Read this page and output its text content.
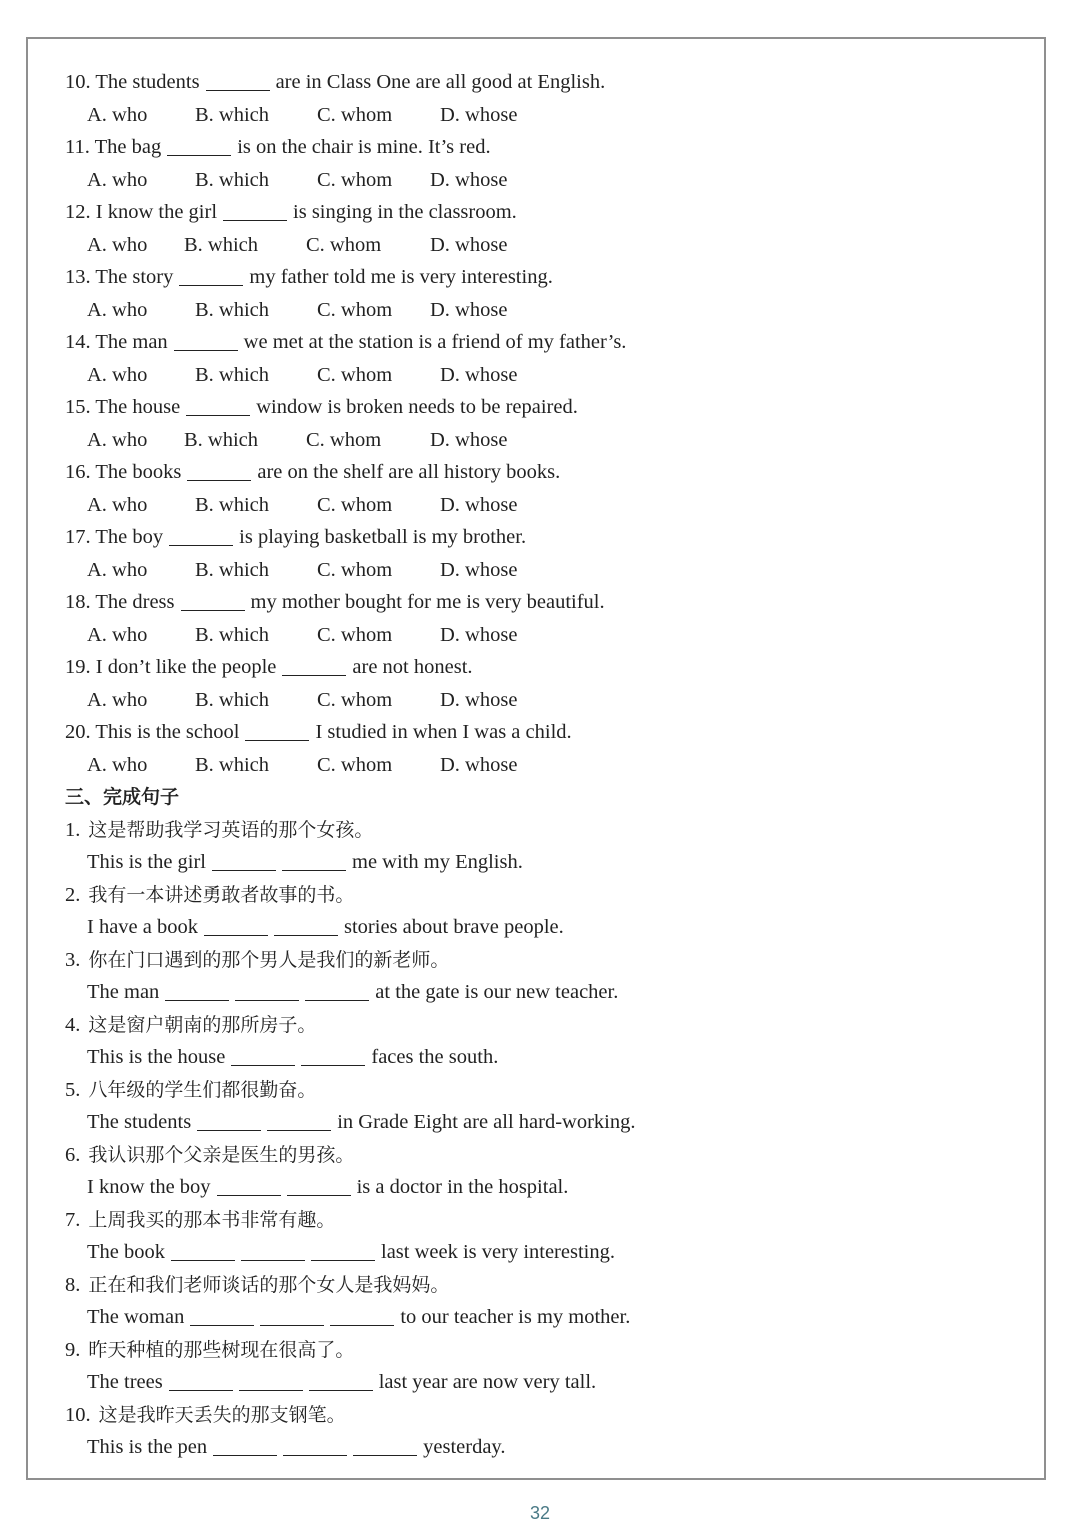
10. The students	are in Class One are all good at English.
A. who B. which C. whom D. whose
11. The bag	is on the chair is mine. It’s red.
A. who B. which C. whom D. whose
12. I know the girl	is singing in the classroom.
A. who B. which C. whom D. whose
13. The story	my father told me is very interesting.
A. who B. which C. whom D. whose
14. The man	we met at the station is a friend of my father’s.
A. who B. which C. whom D. whose
15. The house	window is broken needs to be repaired.
A. who B. which C. whom D. whose
16. The books	are on the shelf are all history books.
A. who B. which C. whom D. whose
17. The boy	is playing basketball is my brother.
A. who B. which C. whom D. whose
18. The dress	my mother bought for me is very beautiful.
A. who B. which C. whom D. whose
19. I don’t like the people	are not honest.
A. who B. which C. whom D. whose
20. This is the school	I studied in when I was a child.
A. who B. which C. whom D. whose
三、完成句子
1. 这是帮助我学习英语的那个女孩。
This is the girl	me with my English.
2. 我有一本讲述勇敢者故事的书。
I have a book	stories about brave people.
3. 你在门口遇到的那个男人是我们的新老师。
The man	at the gate is our new teacher.
4. 这是窗户朝南的那所房子。
This is the house	faces the south.
5. 八年级的学生们都很勤奋。
The students	in Grade Eight are all hard-working.
6. 我认识那个父亲是医生的男孩。
I know the boy	is a doctor in the hospital.
7. 上周我买的那本书非常有趣。
The book	last week is very interesting.
8. 正在和我们老师谈话的那个女人是我妈妈。
The woman	to our teacher is my mother.
9. 昨天种植的那些树现在很高了。
The trees	last year are now very tall.
10. 这是我昨天丢失的那支钢笔。
This is the pen	yesterday.
32
